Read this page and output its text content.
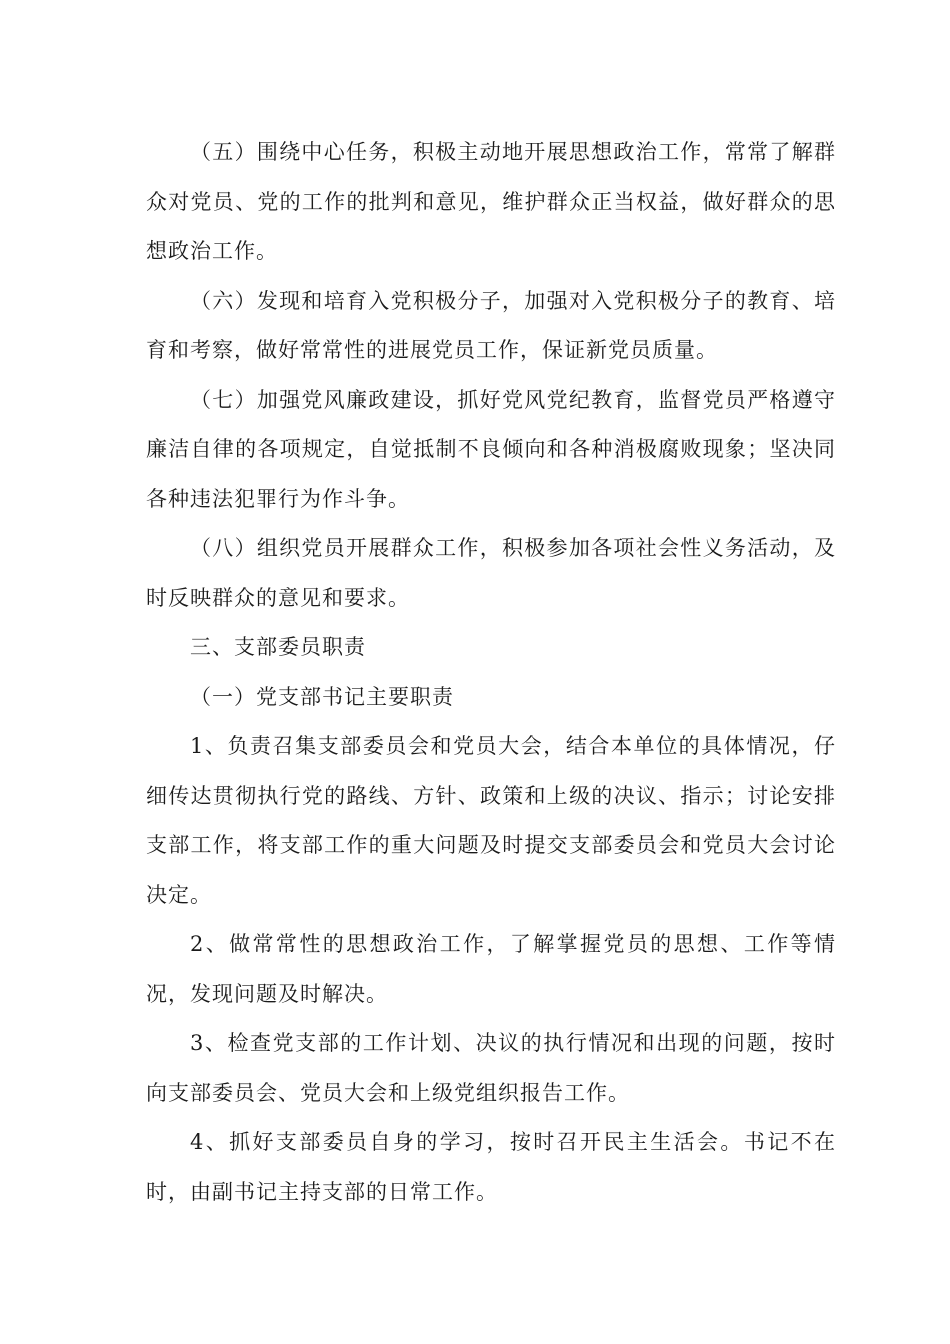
（五）围绕中心任务，积极主动地开展思想政治工作，常常了解群众对党员、党的工作的批判和意见，维护群众正当权益，做好群众的思想政治工作。

（六）发现和培育入党积极分子，加强对入党积极分子的教育、培育和考察，做好常常性的进展党员工作，保证新党员质量。

（七）加强党风廉政建设，抓好党风党纪教育，监督党员严格遵守廉洁自律的各项规定，自觉抵制不良倾向和各种消极腐败现象；坚决同各种违法犯罪行为作斗争。

（八）组织党员开展群众工作，积极参加各项社会性义务活动，及时反映群众的意见和要求。

三、支部委员职责

（一）党支部书记主要职责

1、负责召集支部委员会和党员大会，结合本单位的具体情况，仔细传达贯彻执行党的路线、方针、政策和上级的决议、指示；讨论安排支部工作，将支部工作的重大问题及时提交支部委员会和党员大会讨论决定。

2、做常常性的思想政治工作，了解掌握党员的思想、工作等情况，发现问题及时解决。

3、检查党支部的工作计划、决议的执行情况和出现的问题，按时向支部委员会、党员大会和上级党组织报告工作。

4、抓好支部委员自身的学习，按时召开民主生活会。书记不在时，由副书记主持支部的日常工作。
